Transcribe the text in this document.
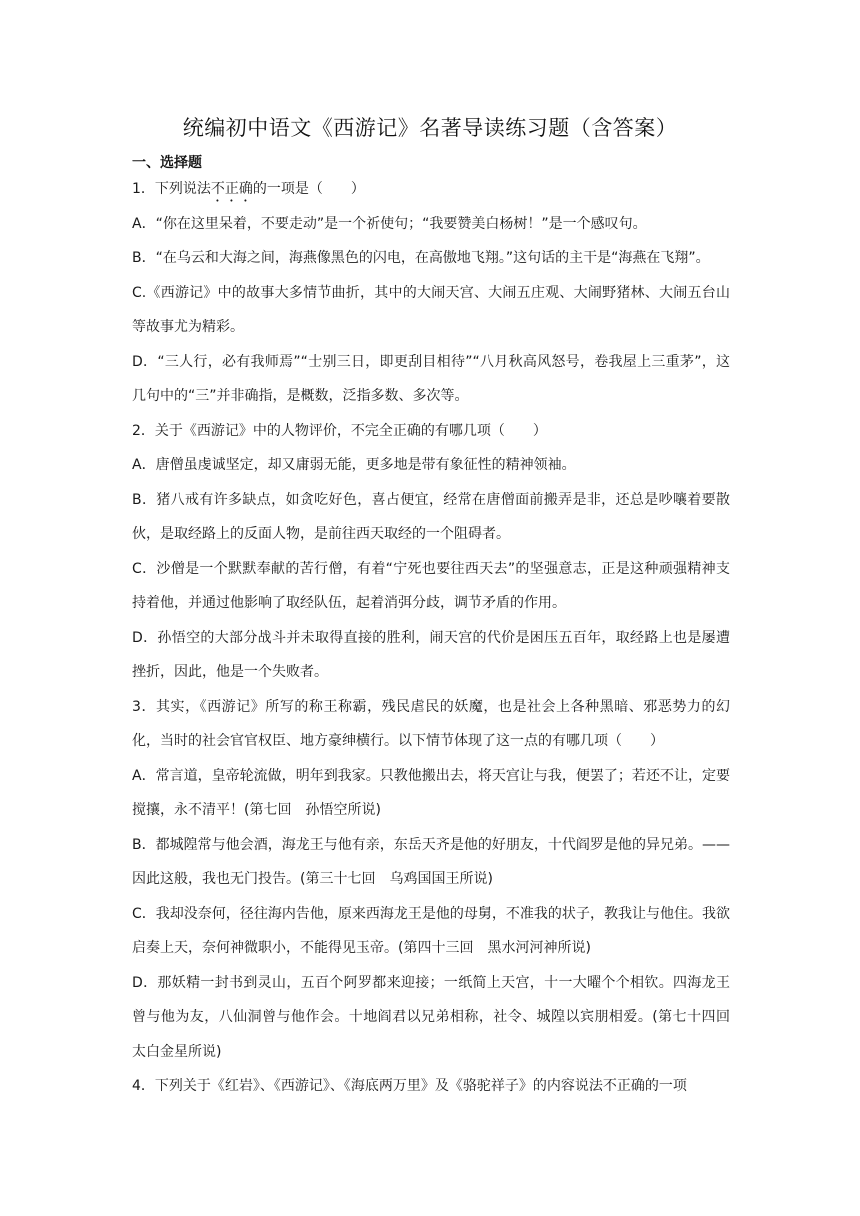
统编初中语文《西游记》名著导读练习题（含答案）
一、选择题

1．下列说法不正确的一项是（　　）

A．“你在这里呆着，不要走动”是一个祈使句；“我要赞美白杨树！”是一个感叹句。

B．“在乌云和大海之间，海燕像黑色的闪电，在高傲地飞翔。”这句话的主干是“海燕在飞翔”。

C.《西游记》中的故事大多情节曲折，其中的大闹天宫、大闹五庄观、大闹野猪林、大闹五台山等故事尤为精彩。

D．“三人行，必有我师焉”“士别三日，即更刮目相待”“八月秋高风怒号，卷我屋上三重茅”，这几句中的“三”并非确指，是概数，泛指多数、多次等。

2．关于《西游记》中的人物评价，不完全正确的有哪几项（　　）

A．唐僧虽虔诚坚定，却又庸弱无能，更多地是带有象征性的精神领袖。

B．猪八戒有许多缺点，如贪吃好色，喜占便宜，经常在唐僧面前搬弄是非，还总是吵嚷着要散伙，是取经路上的反面人物，是前往西天取经的一个阻碍者。

C．沙僧是一个默默奉献的苦行僧，有着“宁死也要往西天去”的坚强意志，正是这种顽强精神支持着他，并通过他影响了取经队伍，起着消弭分歧，调节矛盾的作用。

D．孙悟空的大部分战斗并未取得直接的胜利，闹天宫的代价是困压五百年，取经路上也是屡遭挫折，因此，他是一个失败者。

3．其实，《西游记》所写的称王称霸，残民虐民的妖魔，也是社会上各种黑暗、邪恶势力的幻化，当时的社会官官权臣、地方豪绅横行。以下情节体现了这一点的有哪几项（　　）

A．常言道，皇帝轮流做，明年到我家。只教他搬出去，将天宫让与我，便罢了；若还不让，定要搅攘，永不清平！(第七回　孙悟空所说)

B．都城隍常与他会酒，海龙王与他有亲，东岳天齐是他的好朋友，十代阎罗是他的异兄弟。——因此这般，我也无门投告。(第三十七回　乌鸡国国王所说)

C．我却没奈何，径往海内告他，原来西海龙王是他的母舅，不准我的状子，教我让与他住。我欲启奏上天，奈何神微职小，不能得见玉帝。(第四十三回　黑水河河神所说)

D．那妖精一封书到灵山，五百个阿罗都来迎接；一纸简上天宫，十一大曜个个相钦。四海龙王曾与他为友，八仙洞曾与他作会。十地阎君以兄弟相称，社令、城隍以宾朋相爱。(第七十四回　太白金星所说)

4．下列关于《红岩》、《西游记》、《海底两万里》及《骆驼祥子》的内容说法不正确的一项
